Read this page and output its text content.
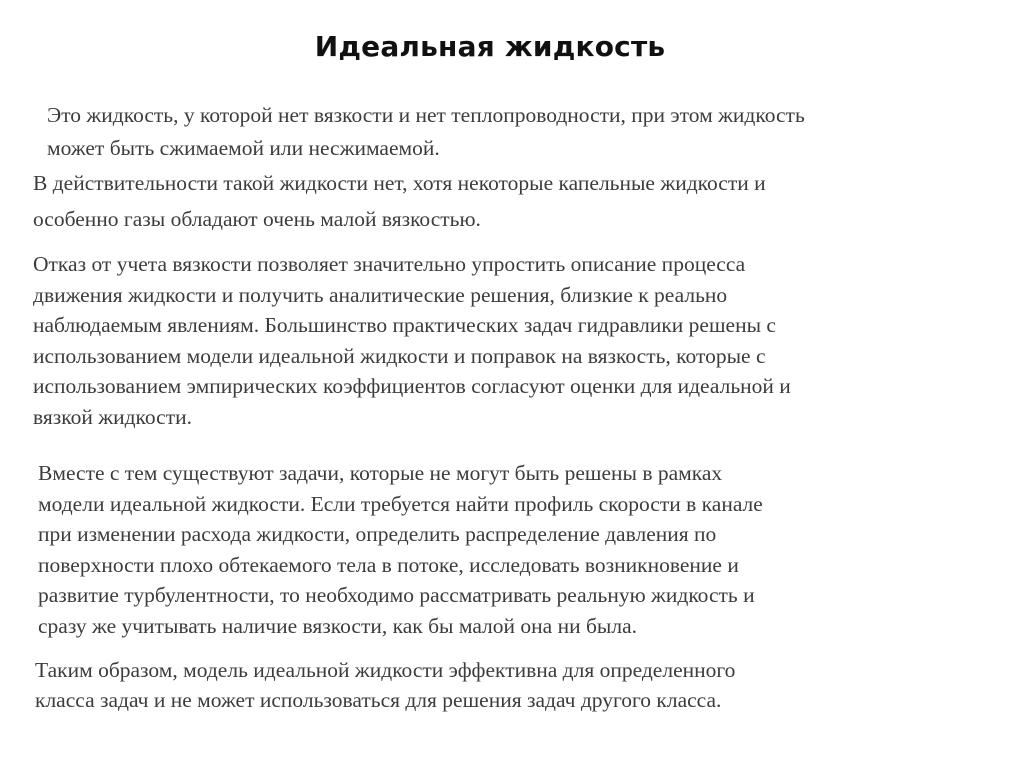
Идеальная жидкость

Это жидкость, у которой нет вязкости и нет теплопроводности, при этом жидкость
может быть сжимаемой или несжимаемой.

В действительности такой жидкости нет, хотя некоторые капельные жидкости и
особенно газы обладают очень малой вязкостью.

Отказ от учета вязкости позволяет значительно упростить описание процесса
движения жидкости и получить аналитические решения, близкие к реально
наблюдаемым явлениям. Большинство практических задач гидравлики решены с
использованием модели идеальной жидкости и поправок на вязкость, которые с
использованием эмпирических коэффициентов согласуют оценки для идеальной и
вязкой жидкости.

Вместе с тем существуют задачи, которые не могут быть решены в рамках
модели идеальной жидкости. Если требуется найти профиль скорости в канале
при изменении расхода жидкости, определить распределение давления по
поверхности плохо обтекаемого тела в потоке, исследовать возникновение и
развитие турбулентности, то необходимо рассматривать реальную жидкость и
сразу же учитывать наличие вязкости, как бы малой она ни была.

Таким образом, модель идеальной жидкости эффективна для определенного
класса задач и не может использоваться для решения задач другого класса.
